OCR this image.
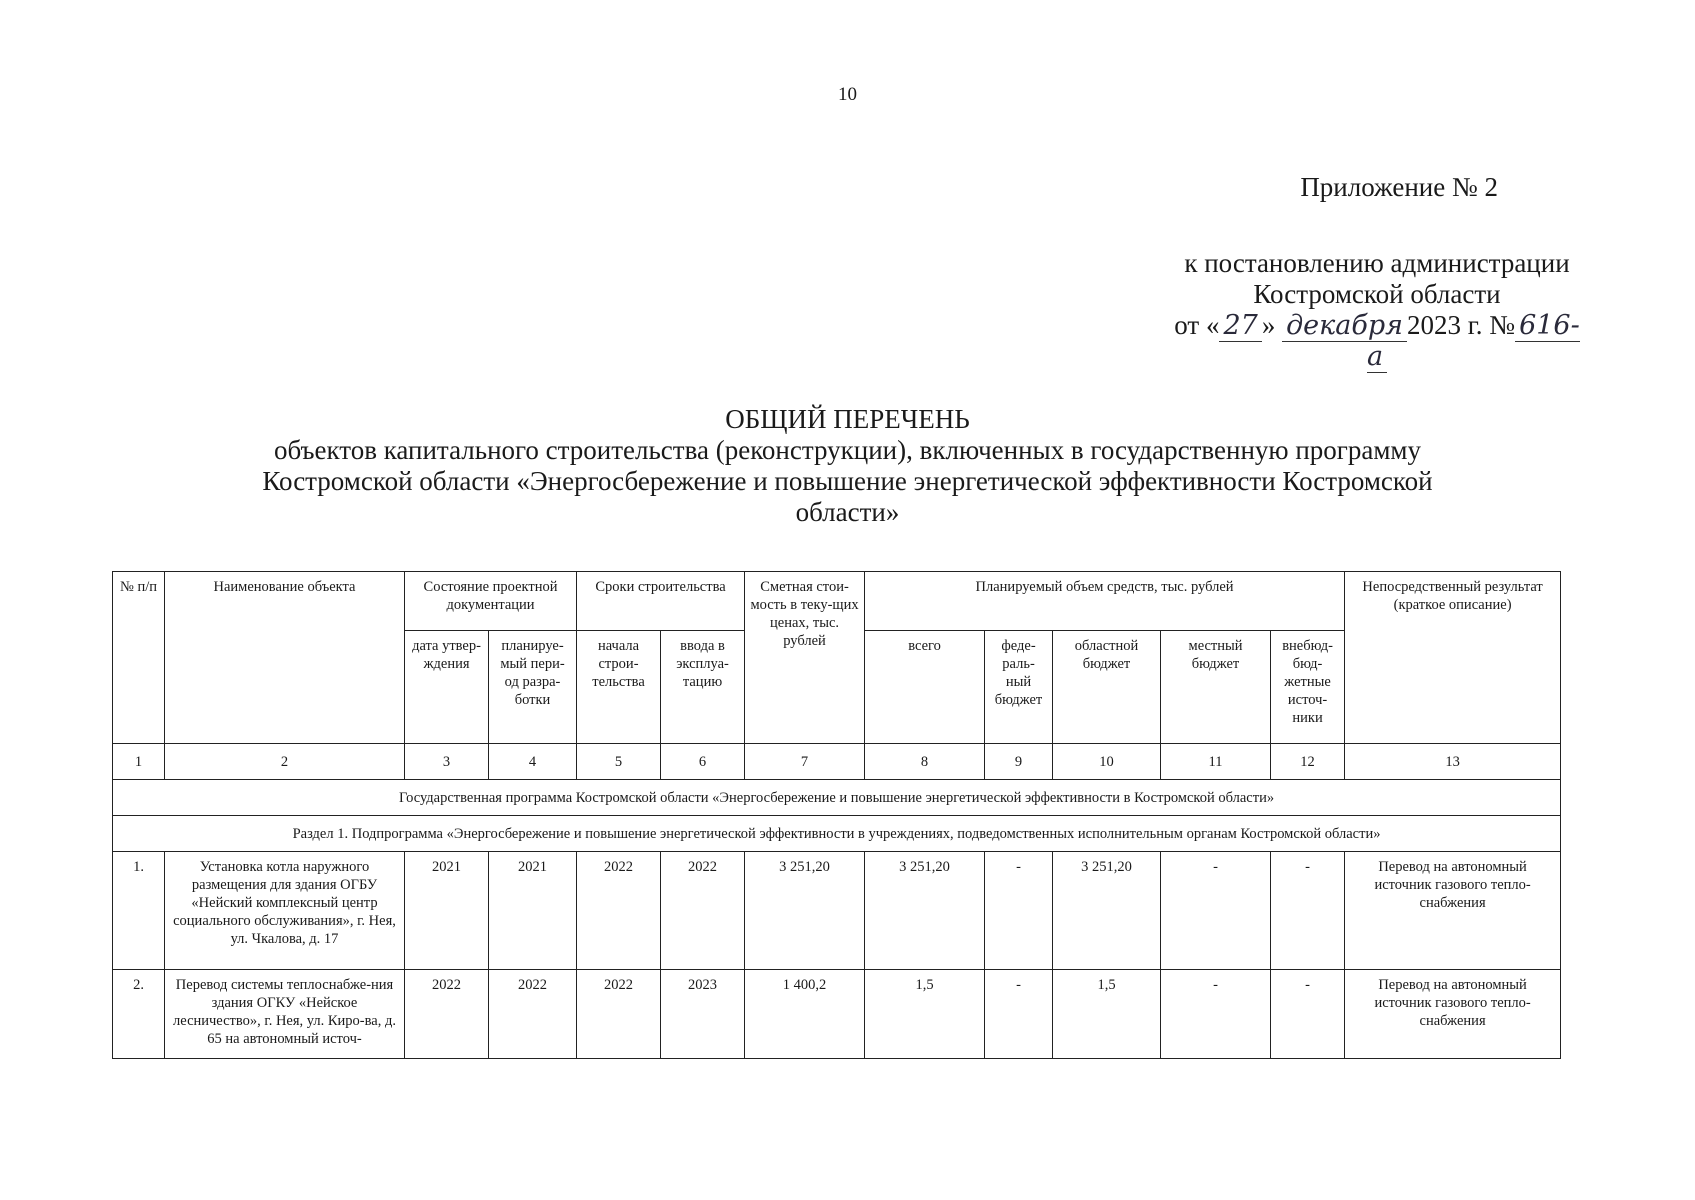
10
Приложение № 2
к постановлению администрации
Костромской области
от « 27 » декабря 2023 г. № 616-а
ОБЩИЙ ПЕРЕЧЕНЬ
объектов капитального строительства (реконструкции), включенных в государственную программу Костромской области «Энергосбережение и повышение энергетической эффективности Костромской области»
№ п/п	Наименование объекта	Состояние проектной документации		Сроки строительства		Сметная стои-мость в теку-щих ценах, тыс. рублей	Планируемый объем средств, тыс. рублей					Непосредственный результат (краткое описание)
		дата утвер-ждения	планируе-мый пери-од разра-ботки	начала строи-тельства	ввода в эксплуа-тацию		всего	феде-раль-ный бюджет	областной бюджет	местный бюджет	внебюд-бюд-жетные источ-ники	
1	2	3	4	5	6	7	8	9	10	11	12	13
Государственная программа Костромской области «Энергосбережение и повышение энергетической эффективности в Костромской области»												
Раздел 1. Подпрограмма «Энергосбережение и повышение энергетической эффективности в учреждениях, подведомственных исполнительным органам Костромской области»												
1.	Установка котла наружного размещения для здания ОГБУ «Нейский комплексный центр социального обслуживания», г. Нея, ул. Чкалова, д. 17	2021	2021	2022	2022	3 251,20	3 251,20	-	3 251,20	-	-	Перевод на автономный источник газового тепло-снабжения
2.	Перевод системы теплоснабже-ния здания ОГКУ «Нейское лесничество», г. Нея, ул. Киро-ва, д. 65 на автономный источ-	2022	2022	2022	2023	1 400,2	1,5	-	1,5	-	-	Перевод на автономный источник газового тепло-снабжения
